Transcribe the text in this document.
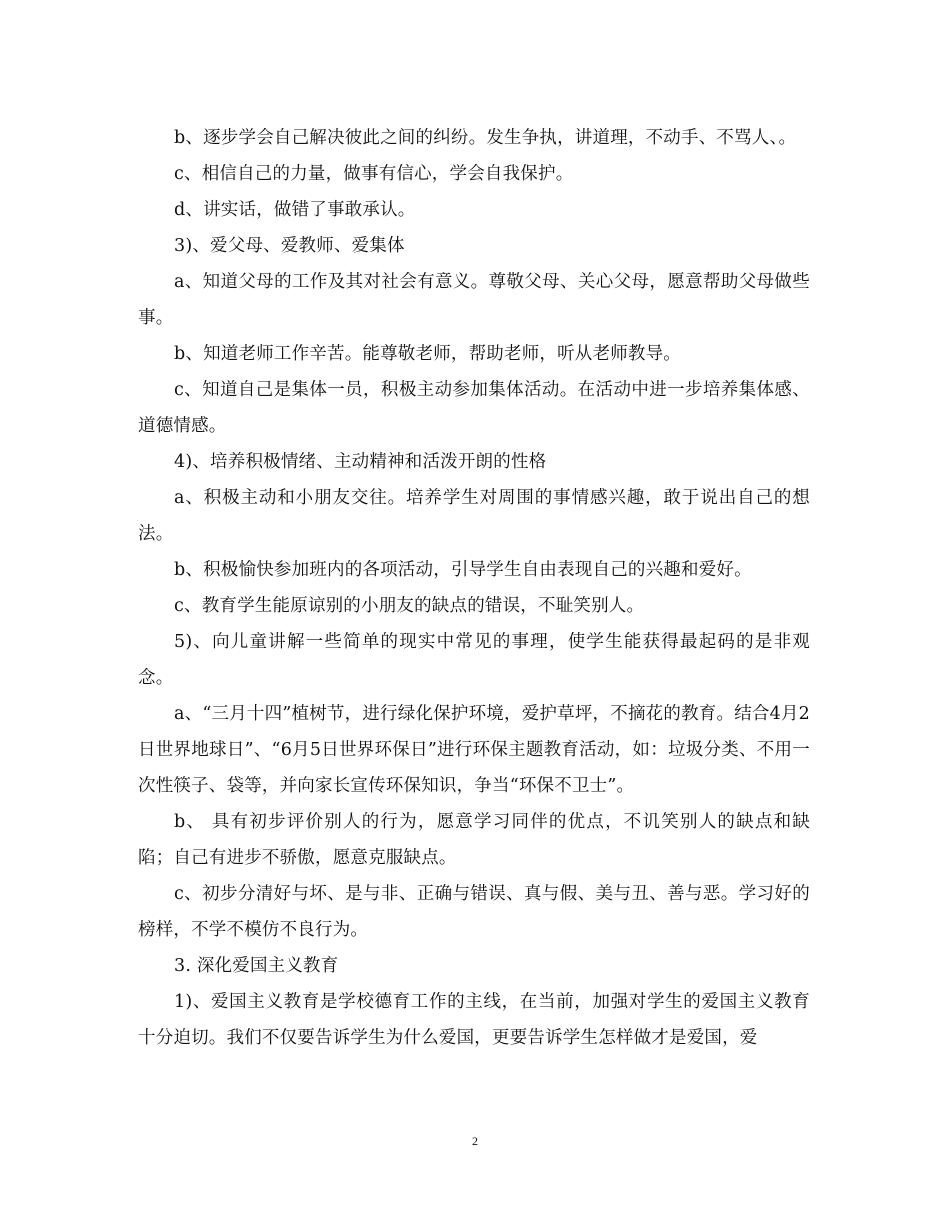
b、逐步学会自己解决彼此之间的纠纷。发生争执，讲道理，不动手、不骂人、。

c、相信自己的力量，做事有信心，学会自我保护。

d、讲实话，做错了事敢承认。

3)、爱父母、爱教师、爱集体

a、知道父母的工作及其对社会有意义。尊敬父母、关心父母，愿意帮助父母做些事。

b、知道老师工作辛苦。能尊敬老师，帮助老师，听从老师教导。

c、知道自己是集体一员，积极主动参加集体活动。在活动中进一步培养集体感、道德情感。

4)、培养积极情绪、主动精神和活泼开朗的性格

a、积极主动和小朋友交往。培养学生对周围的事情感兴趣，敢于说出自己的想法。

b、积极愉快参加班内的各项活动，引导学生自由表现自己的兴趣和爱好。

c、教育学生能原谅别的小朋友的缺点的错误，不耻笑别人。

5)、向儿童讲解一些简单的现实中常见的事理，使学生能获得最起码的是非观念。

a、“三月十四”植树节，进行绿化保护环境，爱护草坪，不摘花的教育。结合4月2日世界地球日”、“6月5日世界环保日”进行环保主题教育活动，如：垃圾分类、不用一次性筷子、袋等，并向家长宣传环保知识，争当“环保不卫士”。

b、 具有初步评价别人的行为，愿意学习同伴的优点，不讥笑别人的缺点和缺陷；自己有进步不骄傲，愿意克服缺点。

c、初步分清好与坏、是与非、正确与错误、真与假、美与丑、善与恶。学习好的榜样，不学不模仿不良行为。

3. 深化爱国主义教育

1)、爱国主义教育是学校德育工作的主线，在当前，加强对学生的爱国主义教育十分迫切。我们不仅要告诉学生为什么爱国，更要告诉学生怎样做才是爱国，爱

2
